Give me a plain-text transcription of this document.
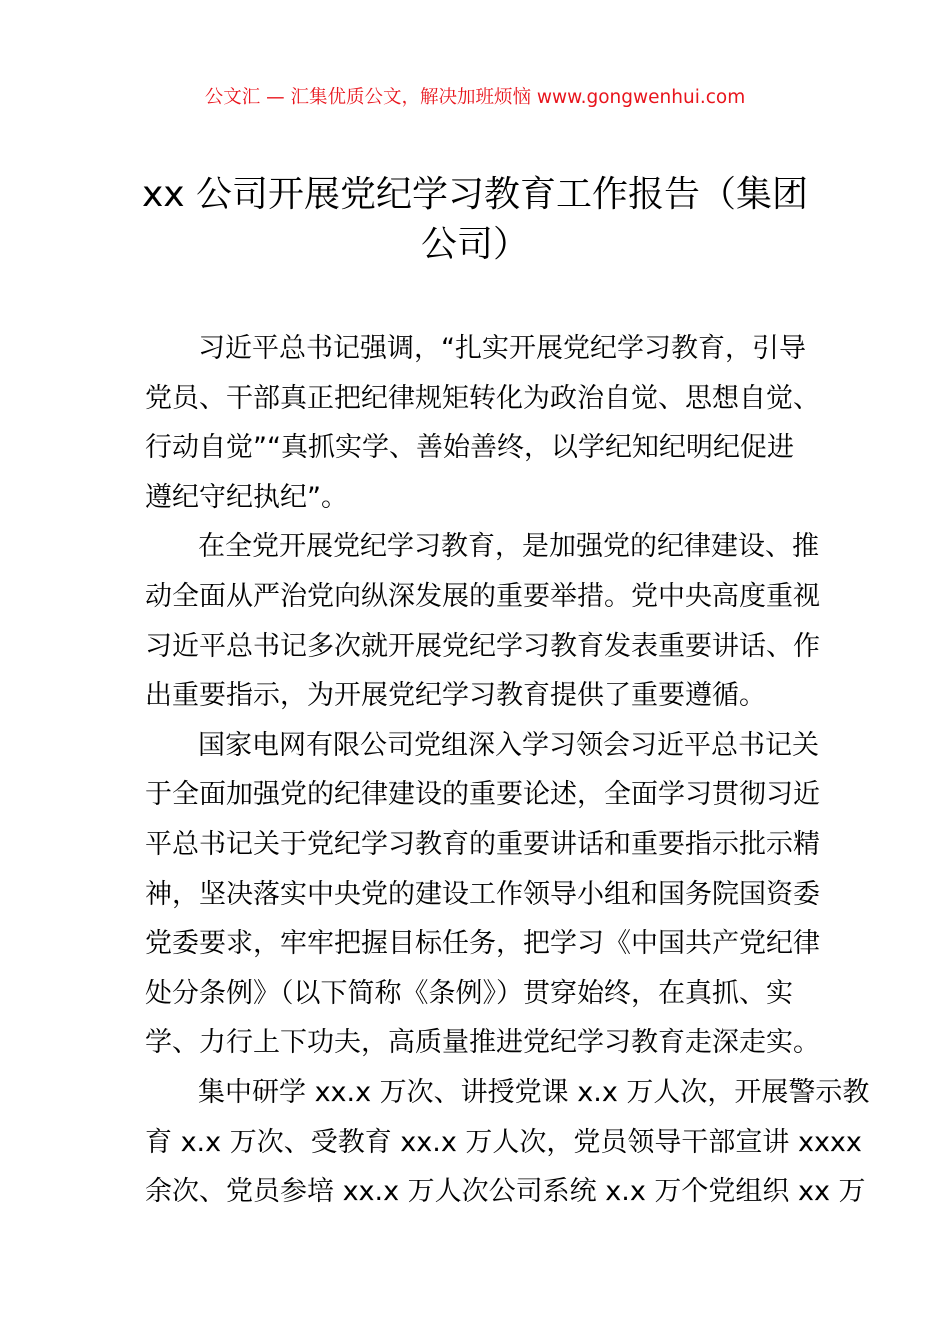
公文汇 — 汇集优质公文，解决加班烦恼 www.gongwenhui.com
xx 公司开展党纪学习教育工作报告（集团
公司）

习近平总书记强调，“扎实开展党纪学习教育，引导
党员、干部真正把纪律规矩转化为政治自觉、思想自觉、
行动自觉”“真抓实学、善始善终，以学纪知纪明纪促进
遵纪守纪执纪”。

在全党开展党纪学习教育，是加强党的纪律建设、推
动全面从严治党向纵深发展的重要举措。党中央高度重视
习近平总书记多次就开展党纪学习教育发表重要讲话、作
出重要指示，为开展党纪学习教育提供了重要遵循。

国家电网有限公司党组深入学习领会习近平总书记关
于全面加强党的纪律建设的重要论述，全面学习贯彻习近
平总书记关于党纪学习教育的重要讲话和重要指示批示精
神，坚决落实中央党的建设工作领导小组和国务院国资委
党委要求，牢牢把握目标任务，把学习《中国共产党纪律
处分条例》（以下简称《条例》）贯穿始终，在真抓、实
学、力行上下功夫，高质量推进党纪学习教育走深走实。

集中研学 xx.x 万次、讲授党课 x.x 万人次，开展警示教
育 x.x 万次、受教育 xx.x 万人次，党员领导干部宣讲 xxxx
余次、党员参培 xx.x 万人次公司系统 x.x 万个党组织 xx 万
